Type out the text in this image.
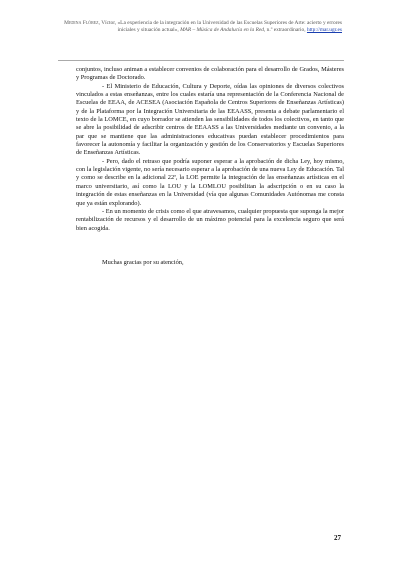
Medina Flórez, Víctor, «La experiencia de la integración en la Universidad de las Escuelas Superiores de Arte: acierto y errores iniciales y situación actual», MAR – Música de Andalucía en la Red, n.º extraordinario, http://mar.ugr.es

conjuntos, incluso animan a establecer convenios de colaboración para el desarrollo de Grados, Másteres y Programas de Doctorado.

- El Ministerio de Educación, Cultura y Deporte, oídas las opiniones de diversos colectivos vinculados a estas enseñanzas, entre los cuales estaría una representación de la Conferencia Nacional de Escuelas de EEAA, de ACESEA (Asociación Española de Centros Superiores de Enseñanzas Artísticas) y de la Plataforma por la Integración Universitaria de las EEAASS, presenta a debate parlamentario el texto de la LOMCE, en cuyo borrador se atienden las sensibilidades de todos los colectivos, en tanto que se abre la posibilidad de adscribir centros de EEAASS a las Universidades mediante un convenio, a la par que se mantiene que las administraciones educativas puedan establecer procedimientos para favorecer la autonomía y facilitar la organización y gestión de los Conservatorios y Escuelas Superiores de Enseñanzas Artísticas.

- Pero, dado el retraso que podría suponer esperar a la aprobación de dicha Ley, hoy mismo, con la legislación vigente, no sería necesario esperar a la aprobación de una nueva Ley de Educación. Tal y como se describe en la adicional 22ª, la LOE permite la integración de las enseñanzas artísticas en el marco universitario, así como la LOU y la LOMLOU posibilitan la adscripción o en su caso la integración de estas enseñanzas en la Universidad (vía que algunas Comunidades Autónomas me consta que ya están explorando).

- En un momento de crisis como el que atravesamos, cualquier propuesta que suponga la mejor rentabilización de recursos y el desarrollo de un máximo potencial para la excelencia seguro que será bien acogida.

Muchas gracias por su atención,

27
